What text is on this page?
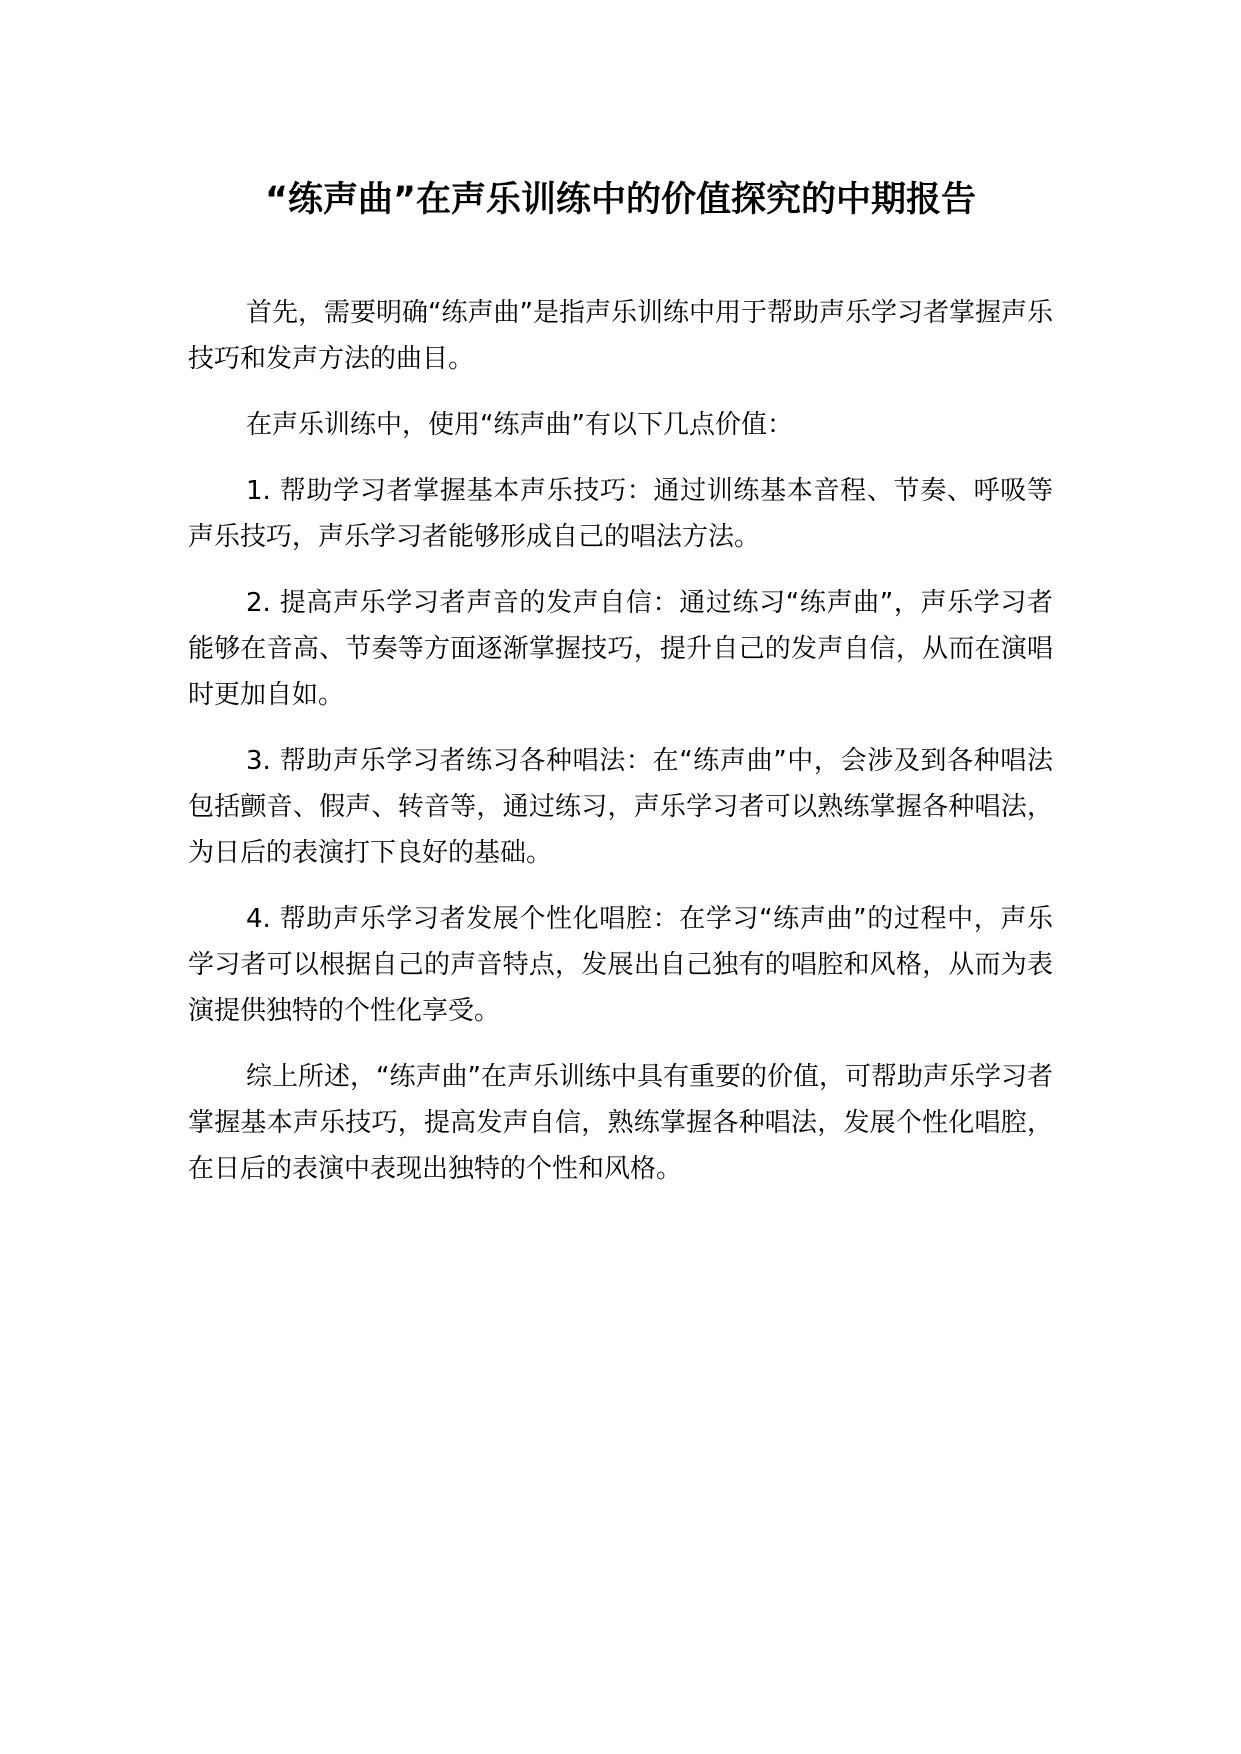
“练声曲”在声乐训练中的价值探究的中期报告

首先，需要明确“练声曲”是指声乐训练中用于帮助声乐学习者掌握声乐技巧和发声方法的曲目。

在声乐训练中，使用“练声曲”有以下几点价值：

1. 帮助学习者掌握基本声乐技巧：通过训练基本音程、节奏、呼吸等声乐技巧，声乐学习者能够形成自己的唱法方法。

2. 提高声乐学习者声音的发声自信：通过练习“练声曲”，声乐学习者能够在音高、节奏等方面逐渐掌握技巧，提升自己的发声自信，从而在演唱时更加自如。

3. 帮助声乐学习者练习各种唱法：在“练声曲”中，会涉及到各种唱法包括颤音、假声、转音等，通过练习，声乐学习者可以熟练掌握各种唱法，为日后的表演打下良好的基础。

4. 帮助声乐学习者发展个性化唱腔：在学习“练声曲”的过程中，声乐学习者可以根据自己的声音特点，发展出自己独有的唱腔和风格，从而为表演提供独特的个性化享受。

综上所述，“练声曲”在声乐训练中具有重要的价值，可帮助声乐学习者掌握基本声乐技巧，提高发声自信，熟练掌握各种唱法，发展个性化唱腔，在日后的表演中表现出独特的个性和风格。
